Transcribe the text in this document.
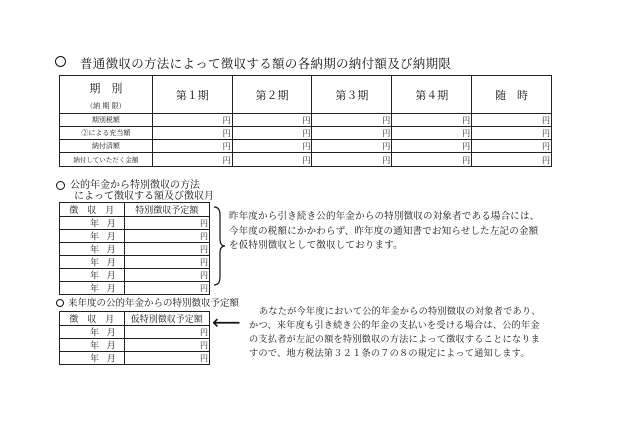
普通徴収の方法によって徴収する額の各納期の納付額及び納期限
期　別	第１期	第２期	第３期	第４期	随　時
（納 期 限）					
期別税額	円	円	円	円	円
②による充当額	円	円	円	円	円
納付済額	円	円	円	円	円
納付していただく金額	円	円	円	円	円
公的年金から特別徴収の方法
によって徴収する額及び徴収月
徴　収　月	特別徴収予定額

年 月	円

年 月	円

年 月	円

年 月	円

年 月	円

年 月	円
昨年度から引き続き公的年金からの特別徴収の対象者である場合には、
今年度の税額にかかわらず、昨年度の通知書でお知らせした左記の金額
を仮特別徴収として徴収しております。
来年度の公的年金からの特別徴収予定額
徴　収　月	仮特別徴収予定額

年 月	円

年 月	円

年 月	円
⟵	あなたが今年度において公的年金からの特別徴収の対象者であり、
かつ、来年度も引き続き公的年金の支払いを受ける場合は、公的年金
の支払者が左記の額を特別徴収の方法によって徴収することになりま
すので、地方税法第３２１条の７の８の規定によって通知します。
